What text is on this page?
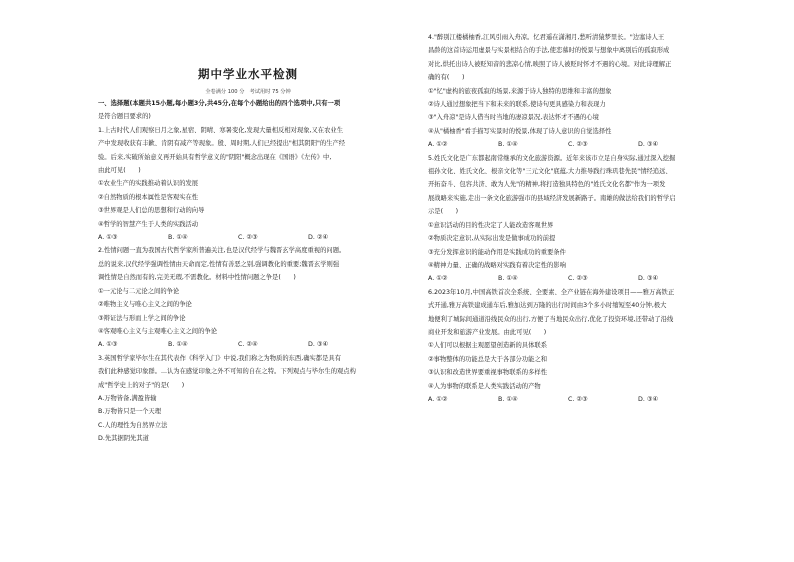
期中学业水平检测
全卷满分 100 分　考试用时 75 分钟
一、选择题(本题共15小题,每小题3分,共45分,在每个小题给出的四个选项中,只有一项
是符合题目要求的)
1.上古时代人们观察日月之象,星宿、阴晴、寒暑变化,发现大量相反相对现象,又在农业生
产中发现收获有丰歉、肯阴有减产等现象。殷、周时期,人们已经提出"相其阴阳"的生产经
验。后来,实破所始意义再开始具有哲学意义的"阴阳"概念出现在《国语》《左传》中,
由此可见(　　)
①农业生产的实践推动着认识的发展
②自然物质的根本属性是客观实在性
③世界观是人们总的思想和行动的向导
④哲学的智慧产生于人类的实践活动
A. ①③	B. ①④	C. ②③	D. ②④
2.性情问题一直为我国古代哲学家所普遍关注,也是汉代经学与魏晋玄学高度重视的问题。
总的说来,汉代经学强调性情由天命而定,性情有善恶之别,强调教化的重要;魏晋玄学则强
调性情是自然而有的,完美无瑕,不需教化。材料中性情问题之争是(　　)
①一元论与二元论之间的争论
②唯物主义与唯心主义之间的争论
③辩证法与形而上学之间的争论
④客观唯心主义与主观唯心主义之间的争论
A. ①③	B. ①④	C. ②④	D. ③④
3.英国哲学家毕尔生在其代表作《科学入门》中说,我们称之为物质的东西,确实都是具有
我们此种感觉印象群。...认为在感觉印象之外不可知的自在之特。下列观点与毕尔生的观点构
成"哲学史上的对子"的是(　　)
A.万物皆备,满盈皆输
B.万物皆只是一个天理
C.人的理性为自然界立法
D.先其据阴先其道
4."醉别江楼橘柚香,江风引雨入舟凉。忆君遥在潇湘月,愁听清猿梦里长。"边塞诗人王
昌龄的这首诗运用虚景与实景相结合的手法,使恋慕时的悦景与想象中离别后的孤寂形成
对比,烘托出诗人被贬知音的悲凉心情,映照了诗人被贬时怀才不遇的心境。对此诗理解正
确的有(　　)
①"忆"虚构的旅夜孤寂的场景,来源于诗人独特的思维和丰富的想象
②诗人通过想象把当下和未来的联系,使诗句更具感染力和表现力
③"入舟凉"是诗人借当时当地的凄凉景况,表达怀才不遇的心境
④从"橘柚香"看手描写实景时的悦景,体现了诗人意识的自觉选择性
A. ①②	B. ①④	C. ②③	D. ③④
5.姓氏文化是广东都起南常继承的文化旅游资源。近年来该市立足自身实际,通过深入挖掘
祖孙文化、姓氏文化、根亲文化等"三元文化"底蕴,大力推导践行珠玑巷先民"情经追远、
开拓奋斗、包容共济、敢为人先"的精神,将打造独具特色的"姓氏文化名都"作为一项发
展战略来实施,走出一条文化旅游强市的县域经济发展新路子。南雄的做法给我们的哲学启
示是(　　)
①意识活动的目的性决定了人能改造客观世界
②物质决定意识,从实际出发是做事成功的前提
③充分发挥意识的能动作用是实践成功的重要条件
④精神力量、正确的战略对实践有着决定性的影响
A. ①②	B. ①④	C. ②③	D. ③④
6.2023年10月,中国高铁首次全系统、全要素、全产业链在海外建设项目——雅万高铁正
式开通,雅万高铁建成通车后,雅加达到万隆的出行时间由3个多小时缩短至40分钟,极大
地便利了城际间通道沿线民众的出行,方便了当地民众出行,优化了投资环境,还带动了沿线
商业开发和旅游产业发展。由此可见(　　)
①人们可以根据主观愿望创造新的具体联系
②事物整体的功能总是大于各部分功能之和
③认识和改造世界要重视事物联系的多样性
④人为事物的联系是人类实践活动的产物
A. ①②	B. ①④	C. ②③	D. ③④
